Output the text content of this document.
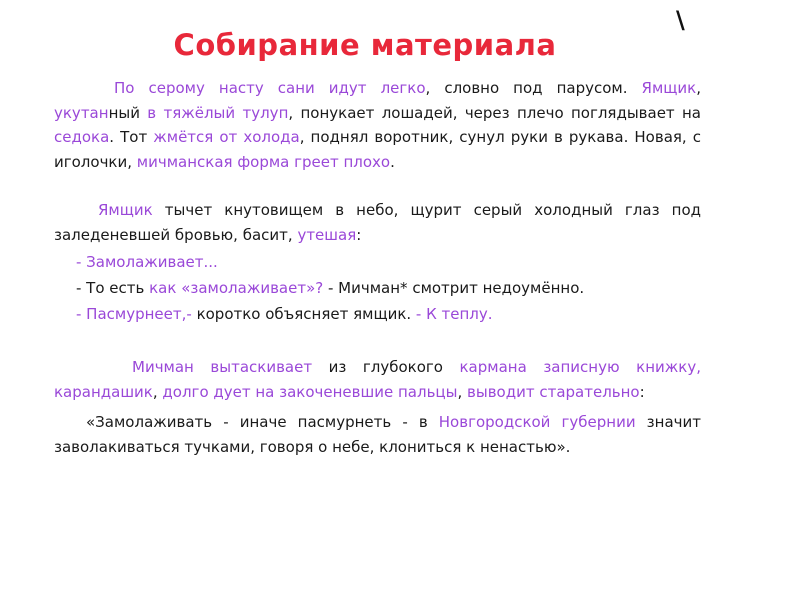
\
Собирание материала

По серому насту сани идут легко, словно под парусом. Ямщик, укутанный в тяжёлый тулуп, понукает лошадей, через плечо поглядывает на седока. Тот жмётся от холода, поднял воротник, сунул руки в рукава. Новая, с иголочки, мичманская форма греет плохо.

Ямщик тычет кнутовищем в небо, щурит серый холодный глаз под заледеневшей бровью, басит, утешая:

- Замолаживает...

- То есть как «замолаживает»? - Мичман* смотрит недоумённо.

- Пасмурнеет,- коротко объясняет ямщик. - К теплу.

Мичман вытаскивает из глубокого кармана записную книжку, карандашик, долго дует на закоченевшие пальцы, выводит старательно:

«Замолаживать - иначе пасмурнеть - в Новгородской губернии значит заволакиваться тучками, говоря о небе, клониться к ненастью».
